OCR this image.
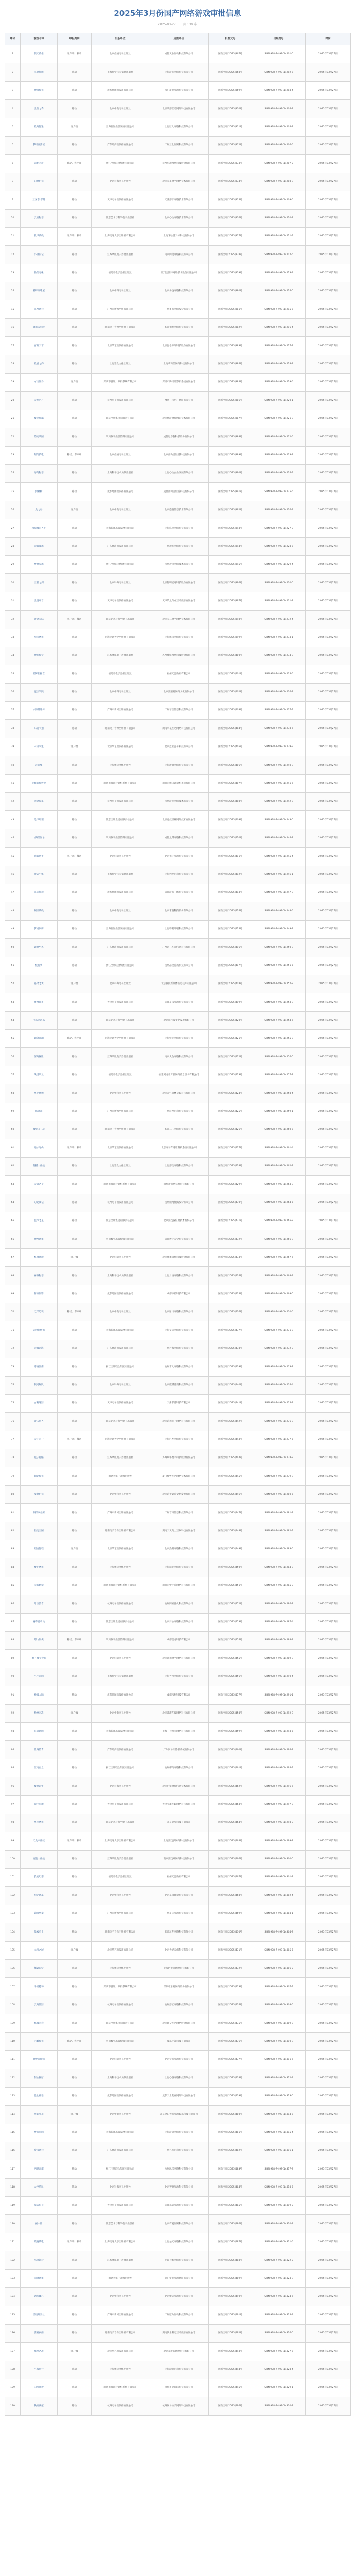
2025年3月份国产网络游戏审批信息
2025-03-27 共 130 条
序号	游戏名称	申报类别	出版单位	运营单位	批准文号	出版物号	时间
1	侠义英雄	客户端、移动	北京伯通电子出版社	成都天象互动科技有限公司	国新出审[2025]367号	ISBN 978-7-498-14201-0	2025年03月27日
2	江湖仙缘	移动	上海科学技术文献出版社	上海游族网络科技有限公司	国新出审[2025]368号	ISBN 978-7-498-14202-7	2025年03月27日
3	神域传说	移动	成都地图出版社有限公司	四川蓝港互动科技有限公司	国新出审[2025]369号	ISBN 978-7-498-14203-4	2025年03月27日
4	灵兽之森	移动	北京中电电子出版社	北京乐游互动网络科技有限公司	国新出审[2025]370号	ISBN 978-7-498-14204-1	2025年03月27日
5	星海征途	客户端	上海新闻出版发展有限公司	上海巨人网络科技有限公司	国新出审[2025]371号	ISBN 978-7-498-14205-8	2025年03月27日
6	梦幻西游记	移动	广东经济出版社有限公司	广州三七互娱科技有限公司	国新出审[2025]372号	ISBN 978-7-498-14206-5	2025年03月27日
7	战歌·远征	移动、客户端	浙江出版联合集团有限公司	杭州电魂网络科技股份有限公司	国新出审[2025]373号	ISBN 978-7-498-14207-2	2025年03月27日
8	幻想纪元	移动	北京科海电子出版社	北京完美时空网络技术有限公司	国新出审[2025]374号	ISBN 978-7-498-14208-9	2025年03月27日
9	三国志·群英	移动	天津电子出版社有限公司	天津游卡网络技术有限公司	国新出审[2025]375号	ISBN 978-7-498-14209-6	2025年03月27日
10	云端物语	移动	北京艺术与科学电子出版社	北京心动网络技术有限公司	国新出审[2025]376号	ISBN 978-7-498-14210-2	2025年03月27日
11	机甲前线	客户端、移动	上海交通大学出版社有限公司	上海米哈游天命科技有限公司	国新出审[2025]377号	ISBN 978-7-498-14211-9	2025年03月27日
12	小镇日记	移动	江苏凤凰电子音像出版社	南京网觉网络科技有限公司	国新出审[2025]378号	ISBN 978-7-498-14212-6	2025年03月27日
13	仙侠奇缘	移动	福建省电子音像出版社	厦门吉比特网络技术股份有限公司	国新出审[2025]379号	ISBN 978-7-498-14213-3	2025年03月27日
14	猫咪咖啡屋	移动	北京中科电子出版社	北京多益网络科技有限公司	国新出审[2025]380号	ISBN 978-7-498-14214-0	2025年03月27日
15	九州风云	移动	广州市新闻出版有限公司	广州多益网络股份有限公司	国新出审[2025]381号	ISBN 978-7-498-14215-7	2025年03月27日
16	勇者大冒险	移动	湖南电子音像出版社有限公司	长沙指娱网络科技有限公司	国新出审[2025]382号	ISBN 978-7-498-14216-4	2025年03月27日
17	百战天下	移动	北京华艺出版社有限公司	北京昆仑万维科技股份有限公司	国新出审[2025]383号	ISBN 978-7-498-14217-1	2025年03月27日
18	星辰之约	移动	上海雅众文化出版社	上海莉莉丝网络科技有限公司	国新出审[2025]384号	ISBN 978-7-498-14218-8	2025年03月27日
19	方块世界	客户端	深圳市腾讯计算机系统有限公司	深圳市腾讯计算机系统有限公司	国新出审[2025]385号	ISBN 978-7-498-14219-5	2025年03月27日
20	天涯明月	移动	杭州电子出版社有限公司	网易（杭州）网络有限公司	国新出审[2025]386号	ISBN 978-7-498-14220-1	2025年03月27日
21	极速狂飙	移动	北京出版集团有限责任公司	北京畅游时代数码技术有限公司	国新出审[2025]387号	ISBN 978-7-498-14221-8	2025年03月27日
22	萌宠乐园	移动	四川数字出版传媒有限公司	成都尼毕鲁科技股份有限公司	国新出审[2025]388号	ISBN 978-7-498-14222-5	2025年03月27日
23	剑气长歌	移动、客户端	北京伯通电子出版社	北京西山居世游科技有限公司	国新出审[2025]389号	ISBN 978-7-498-14223-2	2025年03月27日
24	海岛物语	移动	上海科学技术文献出版社	上海心动企业发展有限公司	国新出审[2025]390号	ISBN 978-7-498-14224-9	2025年03月27日
25	封神榜	移动	成都地图出版社有限公司	成都西山居世游科技有限公司	国新出审[2025]391号	ISBN 978-7-498-14225-6	2025年03月27日
26	龙之谷	客户端	北京中电电子出版社	北京盛趣信息技术有限公司	国新出审[2025]392号	ISBN 978-7-498-14226-3	2025年03月27日
27	模拟城市人生	移动	上海新闻出版发展有限公司	上海悠星网络科技有限公司	国新出审[2025]393号	ISBN 978-7-498-14227-0	2025年03月27日
28	荣耀战场	移动	广东经济出版社有限公司	广州趣丸网络科技有限公司	国新出审[2025]394号	ISBN 978-7-498-14228-7	2025年03月27日
29	梦想农场	移动	浙江出版联合集团有限公司	杭州边锋网络技术有限公司	国新出审[2025]395号	ISBN 978-7-498-14229-4	2025年03月27日
30	王者之剑	移动	北京科海电子出版社	北京智明星通科技股份有限公司	国新出审[2025]396号	ISBN 978-7-498-14230-0	2025年03月27日
31	灵魂序章	移动	天津电子出版社有限公司	天津紫龙奇点互动娱乐有限公司	国新出审[2025]397号	ISBN 978-7-498-14231-7	2025年03月27日
32	奇迹大陆	客户端、移动	北京艺术与科学电子出版社	北京天马时空网络技术有限公司	国新出审[2025]398号	ISBN 978-7-498-14232-4	2025年03月27日
33	甜点物语	移动	上海交通大学出版社有限公司	上海鹰角网络科技有限公司	国新出审[2025]399号	ISBN 978-7-498-14233-1	2025年03月27日
34	神兵传奇	移动	江苏凤凰电子音像出版社	苏州叠纸网络科技股份有限公司	国新出审[2025]400号	ISBN 978-7-498-14234-8	2025年03月27日
35	星际指挥官	移动	福建省电子音像出版社	福州天盟数码有限公司	国新出审[2025]401号	ISBN 978-7-498-14235-5	2025年03月27日
36	魔法学院	移动	北京中科电子出版社	北京游道易网络文化有限公司	国新出审[2025]402号	ISBN 978-7-498-14236-2	2025年03月27日
37	水浒英雄传	移动	广州市新闻出版有限公司	广州菲音信息科技有限公司	国新出审[2025]403号	ISBN 978-7-498-14237-9	2025年03月27日
38	乐动节拍	移动	湖南电子音像出版社有限公司	湖南草花互动网络科技有限公司	国新出审[2025]404号	ISBN 978-7-498-14238-6	2025年03月27日
39	末日求生	客户端	北京华艺出版社有限公司	北京蓝亚盒子科技有限公司	国新出审[2025]405号	ISBN 978-7-498-14239-3	2025年03月27日
40	花间集	移动	上海雅众文化出版社	上海散爆网络科技有限公司	国新出审[2025]406号	ISBN 978-7-498-14240-9	2025年03月27日
41	英雄联盟传说	移动	深圳市腾讯计算机系统有限公司	深圳市腾讯计算机系统有限公司	国新出审[2025]407号	ISBN 978-7-498-14241-6	2025年03月27日
42	遗迹探秘	移动	杭州电子出版社有限公司	杭州游卡网络技术有限公司	国新出审[2025]408号	ISBN 978-7-498-14242-3	2025年03月27日
43	足球经理	移动	北京出版集团有限责任公司	北京竞技世界网络技术有限公司	国新出审[2025]409号	ISBN 978-7-498-14243-0	2025年03月27日
44	山海异闻录	移动	四川数字出版传媒有限公司	成都龙渊网络科技有限公司	国新出审[2025]410号	ISBN 978-7-498-14244-7	2025年03月27日
45	暗影猎手	客户端、移动	北京伯通电子出版社	北京光子互动科技有限公司	国新出审[2025]411号	ISBN 978-7-498-14245-4	2025年03月27日
46	童话小镇	移动	上海科学技术文献出版社	上海烛龙信息科技有限公司	国新出审[2025]412号	ISBN 978-7-498-14246-1	2025年03月27日
47	九天仙途	移动	成都地图出版社有限公司	成都游戏工场科技有限公司	国新出审[2025]413号	ISBN 978-7-498-14247-8	2025年03月27日
48	钢铁战线	移动	北京中电电子出版社	北京掌趣科技股份有限公司	国新出审[2025]414号	ISBN 978-7-498-14248-5	2025年03月27日
49	梦境回廊	移动	上海新闻出版发展有限公司	上海哔哩哔哩科技有限公司	国新出审[2025]415号	ISBN 978-7-498-14249-2	2025年03月27日
50	武林至尊	移动	广东经济出版社有限公司	广州四三九九信息科技有限公司	国新出审[2025]416号	ISBN 978-7-498-14250-8	2025年03月27日
51	桃源乡	移动	浙江出版联合集团有限公司	杭州凉屋游戏科技有限公司	国新出审[2025]417号	ISBN 978-7-498-14251-5	2025年03月27日
52	苍穹之翼	客户端	北京科海电子出版社	北京搜狐新媒体信息技术有限公司	国新出审[2025]418号	ISBN 978-7-498-14252-2	2025年03月27日
53	赛博都市	移动	天津电子出版社有限公司	天津星云互动科技有限公司	国新出审[2025]419号	ISBN 978-7-498-14253-9	2025年03月27日
54	宝石消消乐	移动	北京艺术与科学电子出版社	北京乐元素文化发展有限公司	国新出审[2025]420号	ISBN 978-7-498-14254-6	2025年03月27日
55	御剑江湖	移动、客户端	上海交通大学出版社有限公司	上海恺英网络科技有限公司	国新出审[2025]421号	ISBN 978-7-498-14255-3	2025年03月27日
56	深海探险	移动	江苏凤凰电子音像出版社	南京大鱼网络科技有限公司	国新出审[2025]422号	ISBN 978-7-498-14256-0	2025年03月27日
57	战国风云	移动	福建省电子音像出版社	福建网龙计算机网络信息技术有限公司	国新出审[2025]423号	ISBN 978-7-498-14257-7	2025年03月27日
58	星光偶像	移动	北京中科电子出版社	北京元气森林互娱科技有限公司	国新出审[2025]424号	ISBN 978-7-498-14258-4	2025年03月27日
59	妖灵录	移动	广州市新闻出版有限公司	广州简悦信息科技有限公司	国新出审[2025]425号	ISBN 978-7-498-14259-1	2025年03月27日
60	城堡守卫战	移动	湖南电子音像出版社有限公司	长沙二三网络科技有限公司	国新出审[2025]426号	ISBN 978-7-498-14260-7	2025年03月27日
61	逆水寒山	客户端、移动	北京华艺出版社有限公司	北京网易有道计算机系统有限公司	国新出审[2025]427号	ISBN 978-7-498-14261-4	2025年03月27日
62	萌猫大作战	移动	上海雅众文化出版社	上海游逸网络科技有限公司	国新出审[2025]428号	ISBN 978-7-498-14262-1	2025年03月27日
63	天命之子	移动	深圳市腾讯计算机系统有限公司	深圳市创梦天地科技有限公司	国新出审[2025]429号	ISBN 978-7-498-14263-8	2025年03月27日
64	幻灵战记	移动	杭州电子出版社有限公司	杭州顺网科技股份有限公司	国新出审[2025]430号	ISBN 978-7-498-14264-5	2025年03月27日
65	篮球之星	移动	北京出版集团有限责任公司	北京游戏谷信息技术有限公司	国新出审[2025]431号	ISBN 978-7-498-14265-2	2025年03月27日
66	神州风华	移动	四川数字出版传媒有限公司	成都数字天空科技有限公司	国新出审[2025]432号	ISBN 978-7-498-14266-9	2025年03月27日
67	机械迷城	客户端	北京伯通电子出版社	北京像素软件科技股份有限公司	国新出审[2025]433号	ISBN 978-7-498-14267-6	2025年03月27日
68	森林物语	移动	上海科学技术文献出版社	上海月壤网络科技有限公司	国新出审[2025]434号	ISBN 978-7-498-14268-3	2025年03月27日
69	轩辕剑影	移动	成都地图出版社有限公司	成都卓星科技有限公司	国新出审[2025]435号	ISBN 978-7-498-14269-0	2025年03月27日
70	无尽边境	移动、客户端	北京中电电子出版社	北京冰川网络科技有限公司	国新出审[2025]436号	ISBN 978-7-498-14270-6	2025年03月27日
71	美食街物语	移动	上海新闻出版发展有限公司	上海益玩网络科技有限公司	国新出审[2025]437号	ISBN 978-7-498-14271-3	2025年03月27日
72	龙腾四海	移动	广东经济出版社有限公司	广州君海网络科技有限公司	国新出审[2025]438号	ISBN 978-7-498-14272-0	2025年03月27日
73	诗画江南	移动	浙江出版联合集团有限公司	杭州雷火网络科技有限公司	国新出审[2025]439号	ISBN 978-7-498-14273-7	2025年03月27日
74	银河舰队	移动	北京科海电子出版社	北京麒麟游戏科技有限公司	国新出审[2025]440号	ISBN 978-7-498-14274-4	2025年03月27日
75	古墓迷踪	移动	天津电子出版社有限公司	天津掌游科技有限公司	国新出审[2025]441号	ISBN 978-7-498-14275-1	2025年03月27日
76	音乐旅人	移动	北京艺术与科学电子出版社	北京游逸天下网络科技有限公司	国新出审[2025]442号	ISBN 978-7-498-14276-8	2025年03月27日
77	天下第一	客户端、移动	上海交通大学出版社有限公司	上海巨匠网络科技有限公司	国新出审[2025]443号	ISBN 978-7-498-14277-5	2025年03月27日
78	兔子跑酷	移动	江苏凤凰电子音像出版社	苏州蜗牛数字科技股份有限公司	国新出审[2025]444号	ISBN 978-7-498-14278-2	2025年03月27日
79	仙灵传说	移动	福建省电子音像出版社	厦门极致互动网络技术有限公司	国新出审[2025]445号	ISBN 978-7-498-14279-9	2025年03月27日
80	战舰纪元	移动	北京中科电子出版社	北京游卡桌游文化发展有限公司	国新出审[2025]446号	ISBN 978-7-498-14280-5	2025年03月27日
81	侦探事务所	移动	广州市新闻出版有限公司	广州百田信息科技有限公司	国新出审[2025]447号	ISBN 978-7-498-14281-2	2025年03月27日
82	指尖王国	移动	湖南电子音像出版社有限公司	湖南天天向上互娱科技有限公司	国新出审[2025]448号	ISBN 978-7-498-14282-9	2025年03月27日
83	烈焰征程	客户端	北京华艺出版社有限公司	北京热酷网络科技有限公司	国新出审[2025]449号	ISBN 978-7-498-14283-6	2025年03月27日
84	樱花物语	移动	上海雅众文化出版社	上海萌宅网络科技有限公司	国新出审[2025]450号	ISBN 978-7-498-14284-3	2025年03月27日
85	决战紫禁	移动	深圳市腾讯计算机系统有限公司	深圳市中手游网络科技有限公司	国新出审[2025]451号	ISBN 978-7-498-14285-0	2025年03月27日
86	时空旅者	移动	杭州电子出版社有限公司	杭州网易雷火科技有限公司	国新出审[2025]452号	ISBN 978-7-498-14286-7	2025年03月27日
87	赛车总动员	移动	北京出版集团有限责任公司	北京开心网络科技有限公司	国新出审[2025]453号	ISBN 978-7-498-14287-4	2025年03月27日
88	蜀山剑侠	移动、客户端	四川数字出版传媒有限公司	成都墨龙科技有限公司	国新出审[2025]454号	ISBN 978-7-498-14288-1	2025年03月27日
89	地下城守护者	移动	北京伯通电子出版社	北京嘉和时空网络科技有限公司	国新出审[2025]455号	ISBN 978-7-498-14289-8	2025年03月27日
90	小小花园	移动	上海科学技术文献出版社	上海谷得网络科技有限公司	国新出审[2025]456号	ISBN 978-7-498-14290-4	2025年03月27日
91	神魔大陆	移动	成都地图出版社有限公司	成都乐狗科技有限公司	国新出审[2025]457号	ISBN 978-7-498-14291-1	2025年03月27日
92	枪神对决	客户端	北京中电电子出版社	北京蓝港在线网络科技有限公司	国新出审[2025]458号	ISBN 978-7-498-14292-8	2025年03月27日
93	心动恋曲	移动	上海新闻出版发展有限公司	上海三七晋江网络科技有限公司	国新出审[2025]459号	ISBN 978-7-498-14293-5	2025年03月27日
94	丝路传奇	移动	广东经济出版社有限公司	广州网易计算机系统有限公司	国新出审[2025]460号	ISBN 978-7-498-14294-2	2025年03月27日
95	江南百景	移动	浙江出版联合集团有限公司	杭州椰岛网络科技有限公司	国新出审[2025]461号	ISBN 978-7-498-14295-9	2025年03月27日
96	极地求生	移动	北京科海电子出版社	北京白鹭时代信息技术有限公司	国新出审[2025]462号	ISBN 978-7-498-14296-6	2025年03月27日
97	骑士荣耀	移动	天津电子出版社有限公司	天津英雄互娱网络科技有限公司	国新出审[2025]463号	ISBN 978-7-498-14297-3	2025年03月27日
98	星座物语	移动	北京艺术与科学电子出版社	北京趣加科技有限公司	国新出审[2025]464号	ISBN 978-7-498-14298-0	2025年03月27日
99	天龙八部续	客户端、移动	上海交通大学出版社有限公司	上海游戏多网络科技有限公司	国新出审[2025]465号	ISBN 978-7-498-14299-7	2025年03月27日
100	泡泡大作战	移动	江苏凤凰电子音像出版社	南京游戏蜂网络科技有限公司	国新出审[2025]466号	ISBN 978-7-498-14300-0	2025年03月27日
101	长安幻想	移动	福建省电子音像出版社	福州天盟数码有限公司	国新出审[2025]467号	ISBN 978-7-498-14301-7	2025年03月27日
102	坦克风暴	移动	北京中科电子出版社	北京卓越晨星科技有限公司	国新出审[2025]468号	ISBN 978-7-498-14302-4	2025年03月27日
103	锦绣华章	移动	广州市新闻出版有限公司	广州灵犀互动科技有限公司	国新出审[2025]469号	ISBN 978-7-498-14303-1	2025年03月27日
104	像素勇士	移动	湖南电子音像出版社有限公司	长沙玩友网络科技有限公司	国新出审[2025]470号	ISBN 978-7-498-14304-8	2025年03月27日
105	永夜之城	客户端	北京华艺出版社有限公司	北京世纪天成科技有限公司	国新出审[2025]471号	ISBN 978-7-498-14305-5	2025年03月27日
106	橘猫日常	移动	上海雅众文化出版社	上海阿卡索网络科技有限公司	国新出审[2025]472号	ISBN 978-7-498-14306-2	2025年03月27日
107	斗破乾坤	移动	深圳市腾讯计算机系统有限公司	深圳市乐易网络股份有限公司	国新出审[2025]473号	ISBN 978-7-498-14307-9	2025年03月27日
108	云海仙踪	移动	杭州电子出版社有限公司	杭州浮云网络科技有限公司	国新出审[2025]474号	ISBN 978-7-498-14308-6	2025年03月27日
109	棋魂对弈	移动	北京出版集团有限责任公司	北京联众互动网络股份有限公司	国新出审[2025]475号	ISBN 978-7-498-14309-3	2025年03月27日
110	巴蜀传说	移动、客户端	四川数字出版传媒有限公司	成都手领科技有限公司	国新出审[2025]476号	ISBN 978-7-498-14310-9	2025年03月27日
111	异界召唤师	移动	北京伯通电子出版社	北京奇游互动科技有限公司	国新出审[2025]477号	ISBN 978-7-498-14311-6	2025年03月27日
112	甜心餐厅	移动	上海科学技术文献出版社	上海心游网络科技有限公司	国新出审[2025]478号	ISBN 978-7-498-14312-3	2025年03月27日
113	昆仑神话	移动	成都地图出版社有限公司	成都天上友嘉网络科技有限公司	国新出审[2025]479号	ISBN 978-7-498-14313-0	2025年03月27日
114	重装突击	客户端	北京中电电子出版社	北京金山世游互动娱乐科技有限公司	国新出审[2025]480号	ISBN 978-7-498-14314-7	2025年03月27日
115	梦幻庄园	移动	上海新闻出版发展有限公司	上海游动网络科技有限公司	国新出审[2025]481号	ISBN 978-7-498-14315-4	2025年03月27日
116	岭南风云	移动	广东经济出版社有限公司	广州九尾信息科技有限公司	国新出审[2025]482号	ISBN 978-7-498-14316-1	2025年03月27日
117	西湖奇谭	移动	浙江出版联合集团有限公司	杭州冰穹网络科技有限公司	国新出审[2025]483号	ISBN 978-7-498-14317-8	2025年03月27日
118	太空殖民	移动	北京科海电子出版社	北京智源互动科技有限公司	国新出审[2025]484号	ISBN 978-7-498-14318-5	2025年03月27日
119	海盗船长	移动	天津电子出版社有限公司	天津乐道互动科技有限公司	国新出审[2025]485号	ISBN 978-7-498-14319-2	2025年03月27日
120	画中仙	移动	北京艺术与科学电子出版社	北京有爱互娱科技有限公司	国新出审[2025]486号	ISBN 978-7-498-14320-8	2025年03月27日
121	破晓战歌	客户端、移动	上海交通大学出版社有限公司	上海烛光网络科技有限公司	国新出审[2025]487号	ISBN 978-7-498-14321-5	2025年03月27日
122	水果派对	移动	江苏凤凰电子音像出版社	无锡七酷网络科技有限公司	国新出审[2025]488号	ISBN 978-7-498-14322-2	2025年03月27日
123	闽越风华	移动	福建省电子音像出版社	厦门雷霆互动网络有限公司	国新出审[2025]489号	ISBN 978-7-498-14323-9	2025年03月27日
124	钢铁雄心	移动	北京中科电子出版社	北京紫辰互动科技有限公司	国新出审[2025]490号	ISBN 978-7-498-14324-6	2025年03月27日
125	怪谈研究社	移动	广州市新闻出版有限公司	广州原力互动科技有限公司	国新出审[2025]491号	ISBN 978-7-498-14325-3	2025年03月27日
126	潇湘夜雨	移动	湖南电子音像出版社有限公司	湖南快乐阳光互动娱乐有限公司	国新出审[2025]492号	ISBN 978-7-498-14326-0	2025年03月27日
127	群星之战	客户端	北京华艺出版社有限公司	北京灵游坊网络科技有限公司	国新出审[2025]493号	ISBN 978-7-498-14327-7	2025年03月27日
128	小熊旅行	移动	上海雅众文化出版社	上海幻电信息科技有限公司	国新出审[2025]494号	ISBN 978-7-498-14328-4	2025年03月27日
129	山河社稷	移动	深圳市腾讯计算机系统有限公司	深圳市迷你玩科技有限公司	国新出审[2025]495号	ISBN 978-7-498-14329-1	2025年03月27日
130	钱塘潮起	移动	杭州电子出版社有限公司	杭州网易竹子网络科技有限公司	国新出审[2025]496号	ISBN 978-7-498-14330-7	2025年03月27日
